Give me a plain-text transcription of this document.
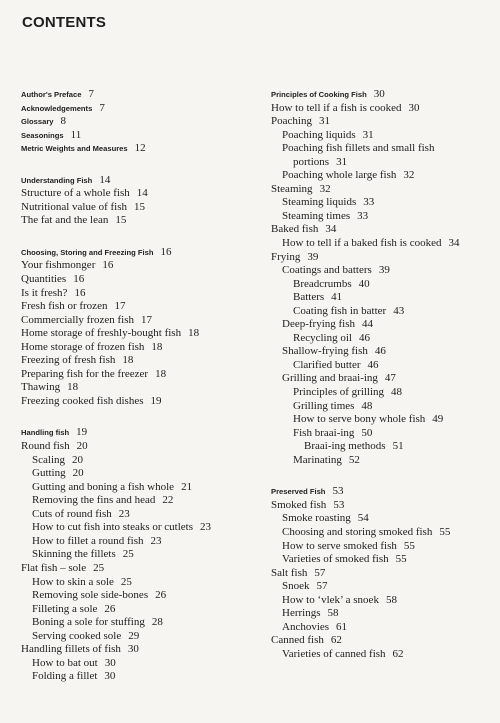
CONTENTS
Author's Preface 7
Acknowledgements 7
Glossary 8
Seasonings 11
Metric Weights and Measures 12
Understanding Fish 14
Structure of a whole fish 14
Nutritional value of fish 15
The fat and the lean 15
Choosing, Storing and Freezing Fish 16
Your fishmonger 16
Quantities 16
Is it fresh? 16
Fresh fish or frozen 17
Commercially frozen fish 17
Home storage of freshly-bought fish 18
Home storage of frozen fish 18
Freezing of fresh fish 18
Preparing fish for the freezer 18
Thawing 18
Freezing cooked fish dishes 19
Handling fish 19
Round fish 20
Scaling 20
Gutting 20
Gutting and boning a fish whole 21
Removing the fins and head 22
Cuts of round fish 23
How to cut fish into steaks or cutlets 23
How to fillet a round fish 23
Skinning the fillets 25
Flat fish – sole 25
How to skin a sole 25
Removing sole side-bones 26
Filleting a sole 26
Boning a sole for stuffing 28
Serving cooked sole 29
Handling fillets of fish 30
How to bat out 30
Folding a fillet 30
Principles of Cooking Fish 30
How to tell if a fish is cooked 30
Poaching 31
Poaching liquids 31
Poaching fish fillets and small fish
portions 31
Poaching whole large fish 32
Steaming 32
Steaming liquids 33
Steaming times 33
Baked fish 34
How to tell if a baked fish is cooked 34
Frying 39
Coatings and batters 39
Breadcrumbs 40
Batters 41
Coating fish in batter 43
Deep-frying fish 44
Recycling oil 46
Shallow-frying fish 46
Clarified butter 46
Grilling and braai-ing 47
Principles of grilling 48
Grilling times 48
How to serve bony whole fish 49
Fish braai-ing 50
Braai-ing methods 51
Marinating 52
Preserved Fish 53
Smoked fish 53
Smoke roasting 54
Choosing and storing smoked fish 55
How to serve smoked fish 55
Varieties of smoked fish 55
Salt fish 57
Snoek 57
How to ‘vlek’ a snoek 58
Herrings 58
Anchovies 61
Canned fish 62
Varieties of canned fish 62
